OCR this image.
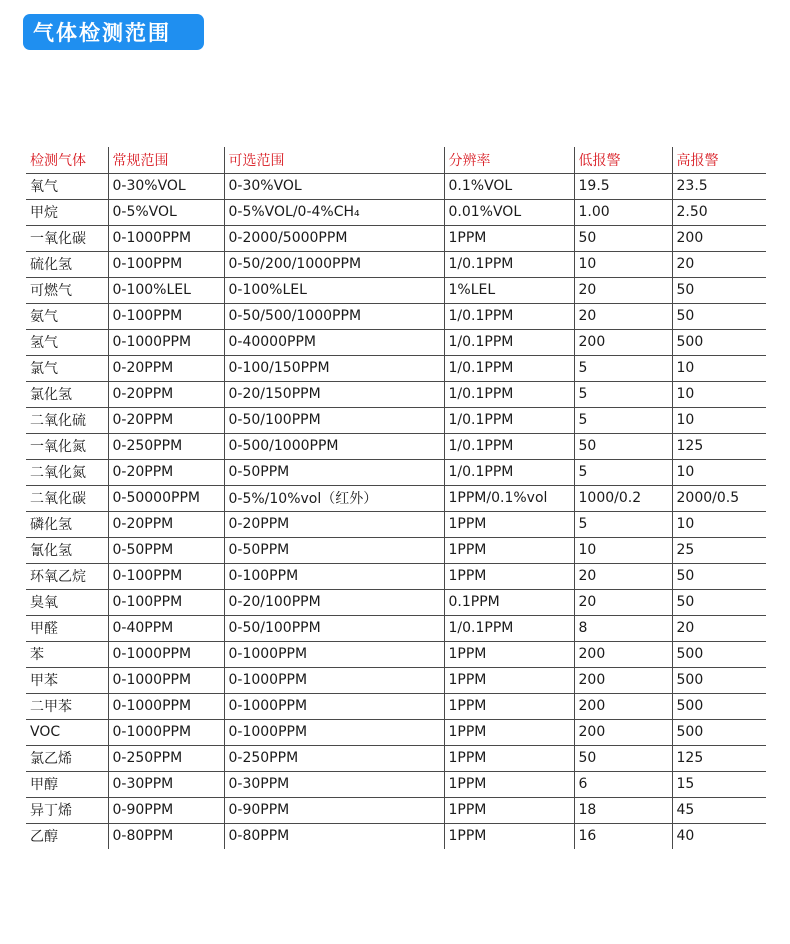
气体检测范围
检测气体	常规范围	可选范围	分辨率	低报警	高报警
氧气	0-30%VOL	0-30%VOL	0.1%VOL	19.5	23.5
甲烷	0-5%VOL	0-5%VOL/0-4%CH₄	0.01%VOL	1.00	2.50
一氧化碳	0-1000PPM	0-2000/5000PPM	1PPM	50	200
硫化氢	0-100PPM	0-50/200/1000PPM	1/0.1PPM	10	20
可燃气	0-100%LEL	0-100%LEL	1%LEL	20	50
氨气	0-100PPM	0-50/500/1000PPM	1/0.1PPM	20	50
氢气	0-1000PPM	0-40000PPM	1/0.1PPM	200	500
氯气	0-20PPM	0-100/150PPM	1/0.1PPM	5	10
氯化氢	0-20PPM	0-20/150PPM	1/0.1PPM	5	10
二氧化硫	0-20PPM	0-50/100PPM	1/0.1PPM	5	10
一氧化氮	0-250PPM	0-500/1000PPM	1/0.1PPM	50	125
二氧化氮	0-20PPM	0-50PPM	1/0.1PPM	5	10
二氧化碳	0-50000PPM	0-5%/10%vol（红外）	1PPM/0.1%vol	1000/0.2	2000/0.5
磷化氢	0-20PPM	0-20PPM	1PPM	5	10
氰化氢	0-50PPM	0-50PPM	1PPM	10	25
环氧乙烷	0-100PPM	0-100PPM	1PPM	20	50
臭氧	0-100PPM	0-20/100PPM	0.1PPM	20	50
甲醛	0-40PPM	0-50/100PPM	1/0.1PPM	8	20
苯	0-1000PPM	0-1000PPM	1PPM	200	500
甲苯	0-1000PPM	0-1000PPM	1PPM	200	500
二甲苯	0-1000PPM	0-1000PPM	1PPM	200	500
VOC	0-1000PPM	0-1000PPM	1PPM	200	500
氯乙烯	0-250PPM	0-250PPM	1PPM	50	125
甲醇	0-30PPM	0-30PPM	1PPM	6	15
异丁烯	0-90PPM	0-90PPM	1PPM	18	45
乙醇	0-80PPM	0-80PPM	1PPM	16	40
